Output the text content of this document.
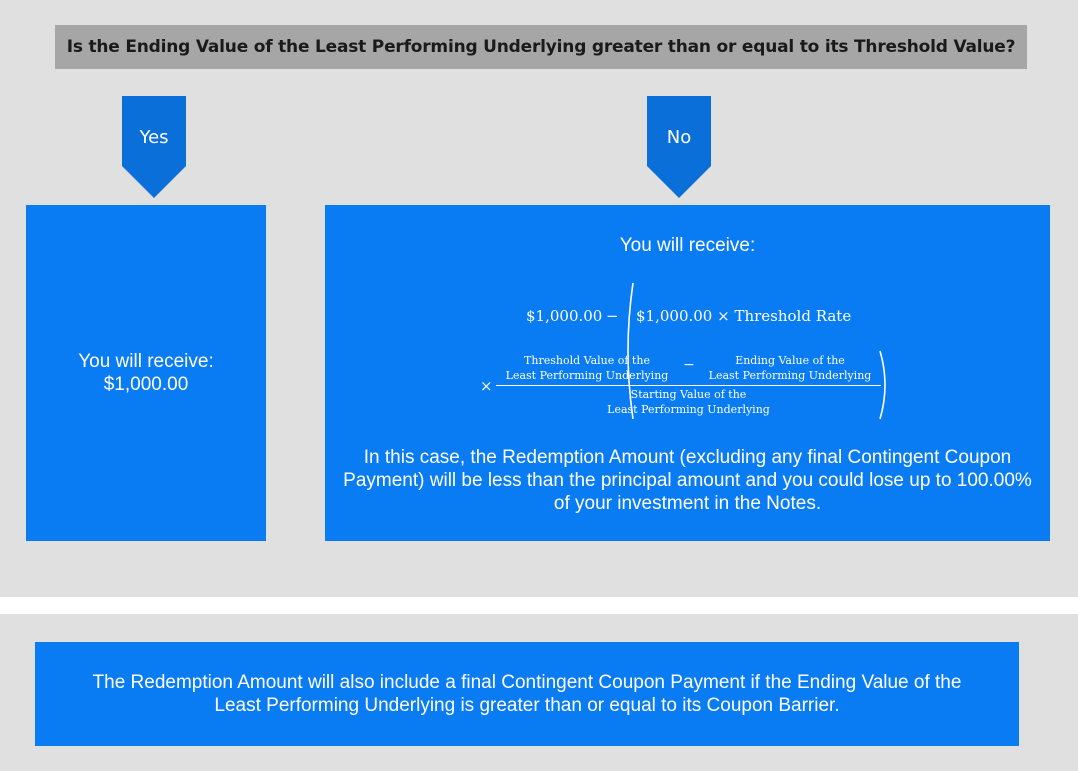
Is the Ending Value of the Least Performing Underlying greater than or equal to its Threshold Value?
Yes	No
You will receive:
$1,000.00
You will receive:
$1,000.00 − $1,000.00 × Threshold Rate
×
Threshold Value of the
Least Performing Underlying
−	Ending Value of the
Least Performing Underlying
Starting Value of the
Least Performing Underlying
In this case, the Redemption Amount (excluding any final Contingent Coupon Payment) will be less than the principal amount and you could lose up to 100.00% of your investment in the Notes.
The Redemption Amount will also include a final Contingent Coupon Payment if the Ending Value of the
Least Performing Underlying is greater than or equal to its Coupon Barrier.
